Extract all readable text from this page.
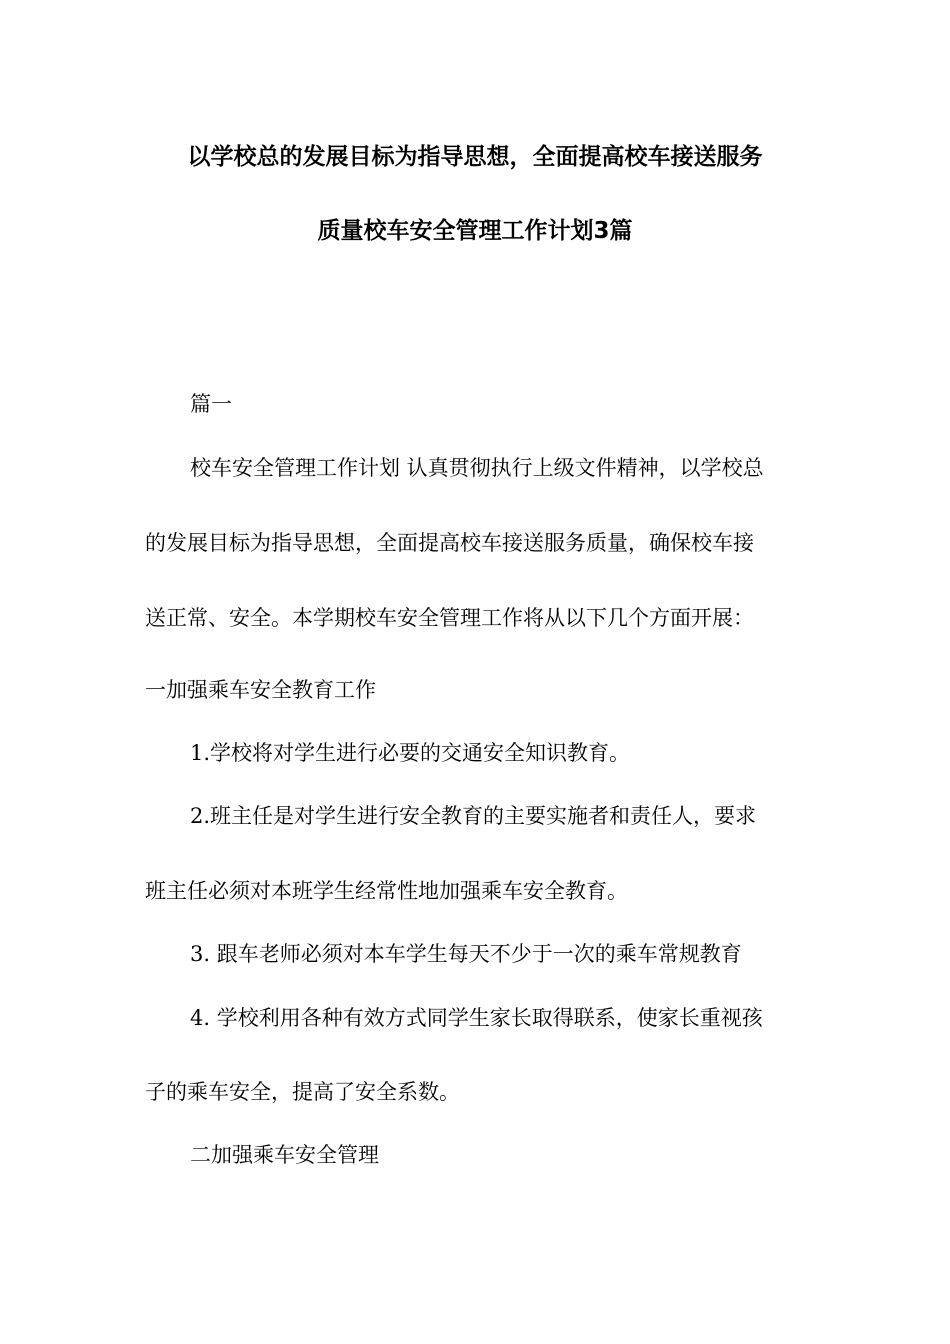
以学校总的发展目标为指导思想，全面提高校车接送服务
质量校车安全管理工作计划3篇
篇一
校车安全管理工作计划 认真贯彻执行上级文件精神，以学校总
的发展目标为指导思想，全面提高校车接送服务质量，确保校车接
送正常、安全。本学期校车安全管理工作将从以下几个方面开展：
一加强乘车安全教育工作
1.学校将对学生进行必要的交通安全知识教育。
2.班主任是对学生进行安全教育的主要实施者和责任人，要求
班主任必须对本班学生经常性地加强乘车安全教育。
3. 跟车老师必须对本车学生每天不少于一次的乘车常规教育
4. 学校利用各种有效方式同学生家长取得联系，使家长重视孩
子的乘车安全，提高了安全系数。
二加强乘车安全管理
